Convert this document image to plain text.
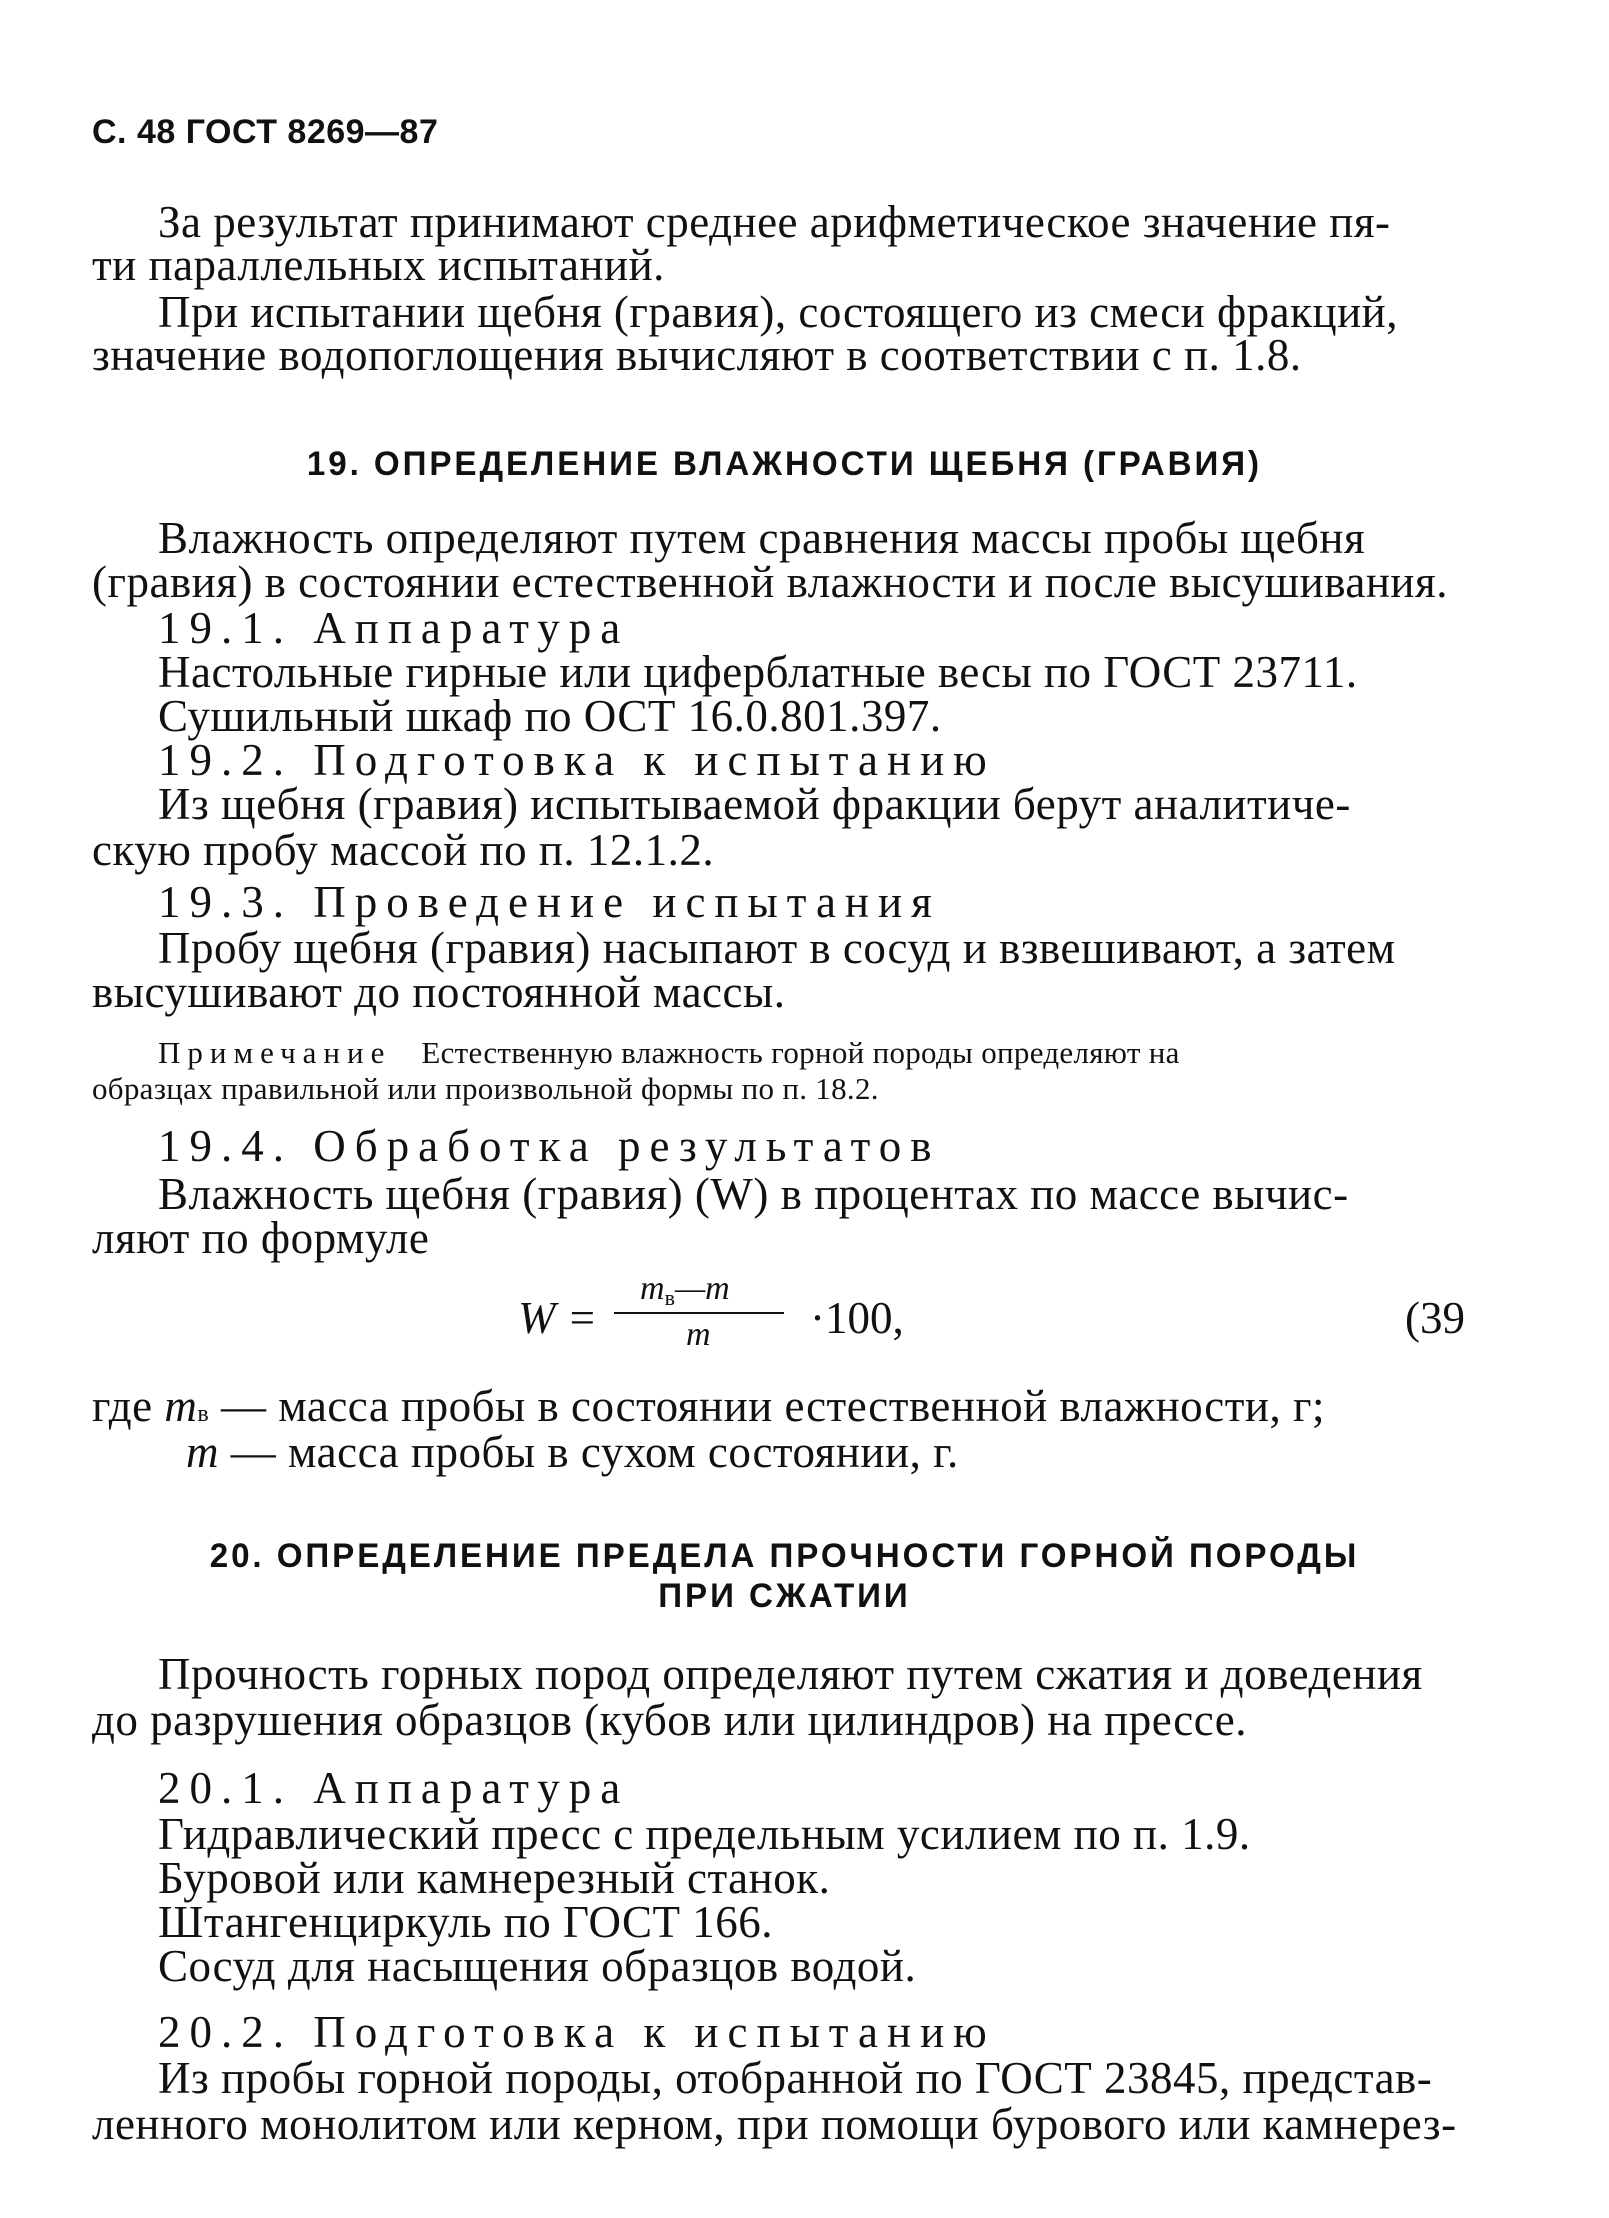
С. 48 ГОСТ 8269—87
За результат принимают среднее арифметическое значение пя-
ти параллельных испытаний.
При испытании щебня (гравия), состоящего из смеси фракций,
значение водопоглощения вычисляют в соответствии с п. 1.8.
19. ОПРЕДЕЛЕНИЕ ВЛАЖНОСТИ ЩЕБНЯ (ГРАВИЯ)
Влажность определяют путем сравнения массы пробы щебня
(гравия) в состоянии естественной влажности и после высушивания.
19.1. Аппаратура
Настольные гирные или циферблатные весы по ГОСТ 23711.
Сушильный шкаф по ОСТ 16.0.801.397.
19.2. Подготовка к испытанию
Из щебня (гравия) испытываемой фракции берут аналитиче-
скую пробу массой по п. 12.1.2.
19.3. Проведение испытания
Пробу щебня (гравия) насыпают в сосуд и взвешивают, а затем
высушивают до постоянной массы.
Примечание Естественную влажность горной породы определяют на
образцах правильной или произвольной формы по п. 18.2.
19.4. Обработка результатов
Влажность щебня (гравия) (W) в процентах по массе вычис-
ляют по формуле
W =
mв—m
m ·100,	(39
где mв — масса пробы в состоянии естественной влажности, г;
m — масса пробы в сухом состоянии, г.
20. ОПРЕДЕЛЕНИЕ ПРЕДЕЛА ПРОЧНОСТИ ГОРНОЙ ПОРОДЫ
ПРИ СЖАТИИ
Прочность горных пород определяют путем сжатия и доведения
до разрушения образцов (кубов или цилиндров) на прессе.
20.1. Аппаратура
Гидравлический пресс с предельным усилием по п. 1.9.
Буровой или камнерезный станок.
Штангенциркуль по ГОСТ 166.
Сосуд для насыщения образцов водой.
20.2. Подготовка к испытанию
Из пробы горной породы, отобранной по ГОСТ 23845, представ-
ленного монолитом или керном, при помощи бурового или камнерез-
